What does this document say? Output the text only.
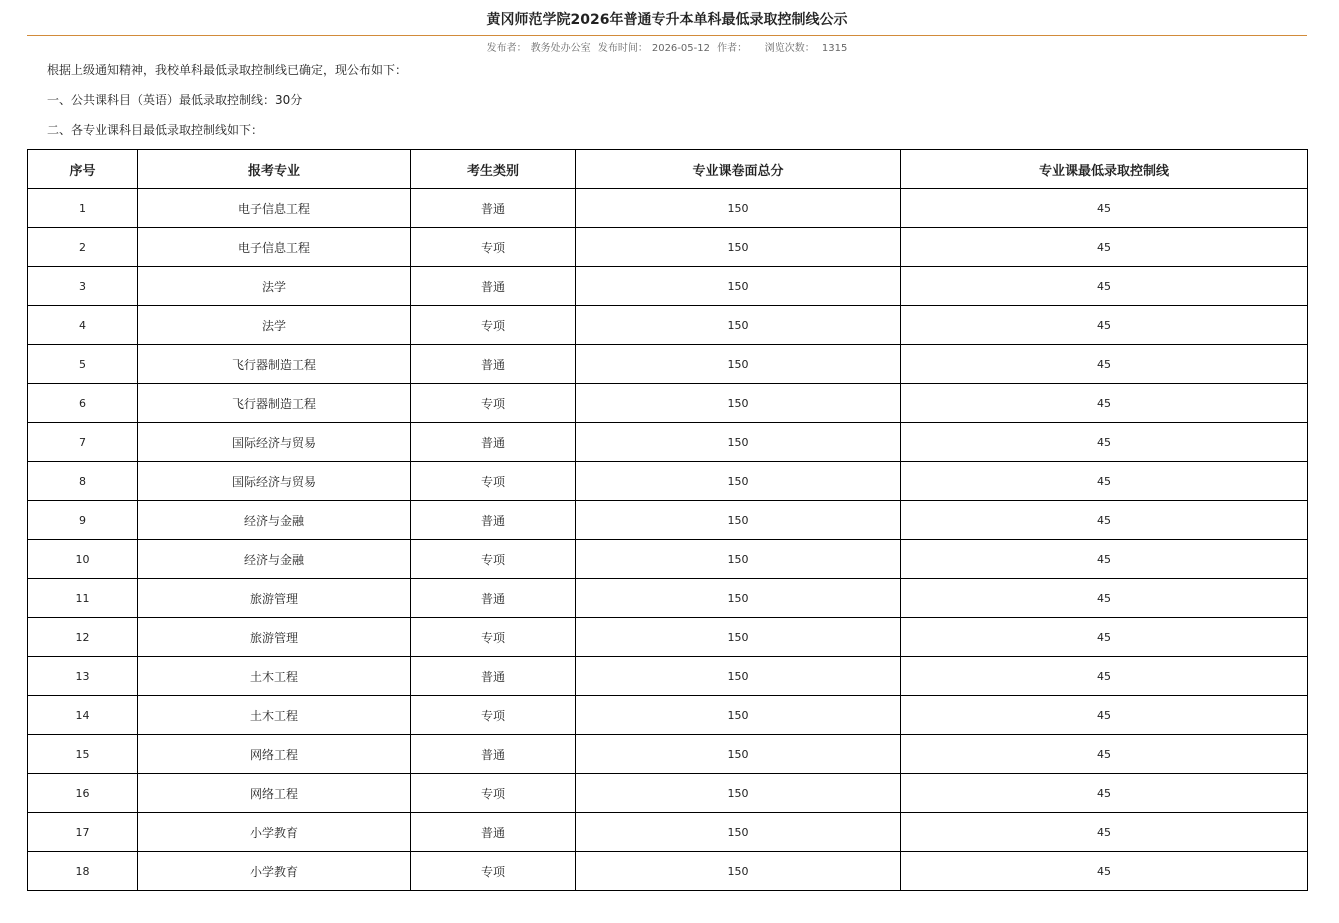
黄冈师范学院2026年普通专升本单科最低录取控制线公示
发布者： 教务处办公室 发布时间： 2026-05-12 作者： 浏览次数： 1315
根据上级通知精神，我校单科最低录取控制线已确定，现公布如下：
一、公共课科目（英语）最低录取控制线：30分
二、各专业课科目最低录取控制线如下：
序号	报考专业	考生类别	专业课卷面总分	专业课最低录取控制线
1	电子信息工程	普通	150	45
2	电子信息工程	专项	150	45
3	法学	普通	150	45
4	法学	专项	150	45
5	飞行器制造工程	普通	150	45
6	飞行器制造工程	专项	150	45
7	国际经济与贸易	普通	150	45
8	国际经济与贸易	专项	150	45
9	经济与金融	普通	150	45
10	经济与金融	专项	150	45
11	旅游管理	普通	150	45
12	旅游管理	专项	150	45
13	土木工程	普通	150	45
14	土木工程	专项	150	45
15	网络工程	普通	150	45
16	网络工程	专项	150	45
17	小学教育	普通	150	45
18	小学教育	专项	150	45
